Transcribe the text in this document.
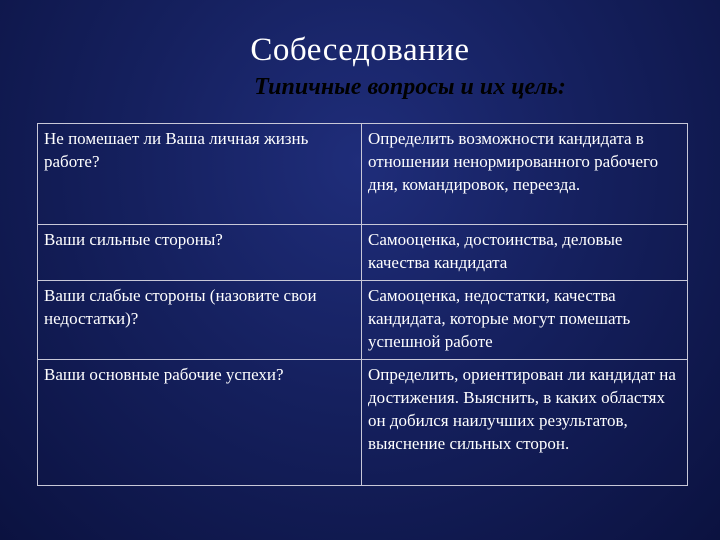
Собеседование
Типичные вопросы и их цель:
Не помешает ли Ваша личная жизнь работе?	Определить возможности кандидата в отношении ненормированного рабочего дня, командировок, переезда.
Ваши сильные стороны?	Самооценка, достоинства, деловые качества кандидата
Ваши слабые стороны (назовите свои недостатки)?	Самооценка, недостатки, качества кандидата, которые могут помешать успешной работе
Ваши основные рабочие успехи?	Определить, ориентирован ли кандидат на достижения. Выяснить, в каких областях он добился наилучших результатов, выяснение сильных сторон.
